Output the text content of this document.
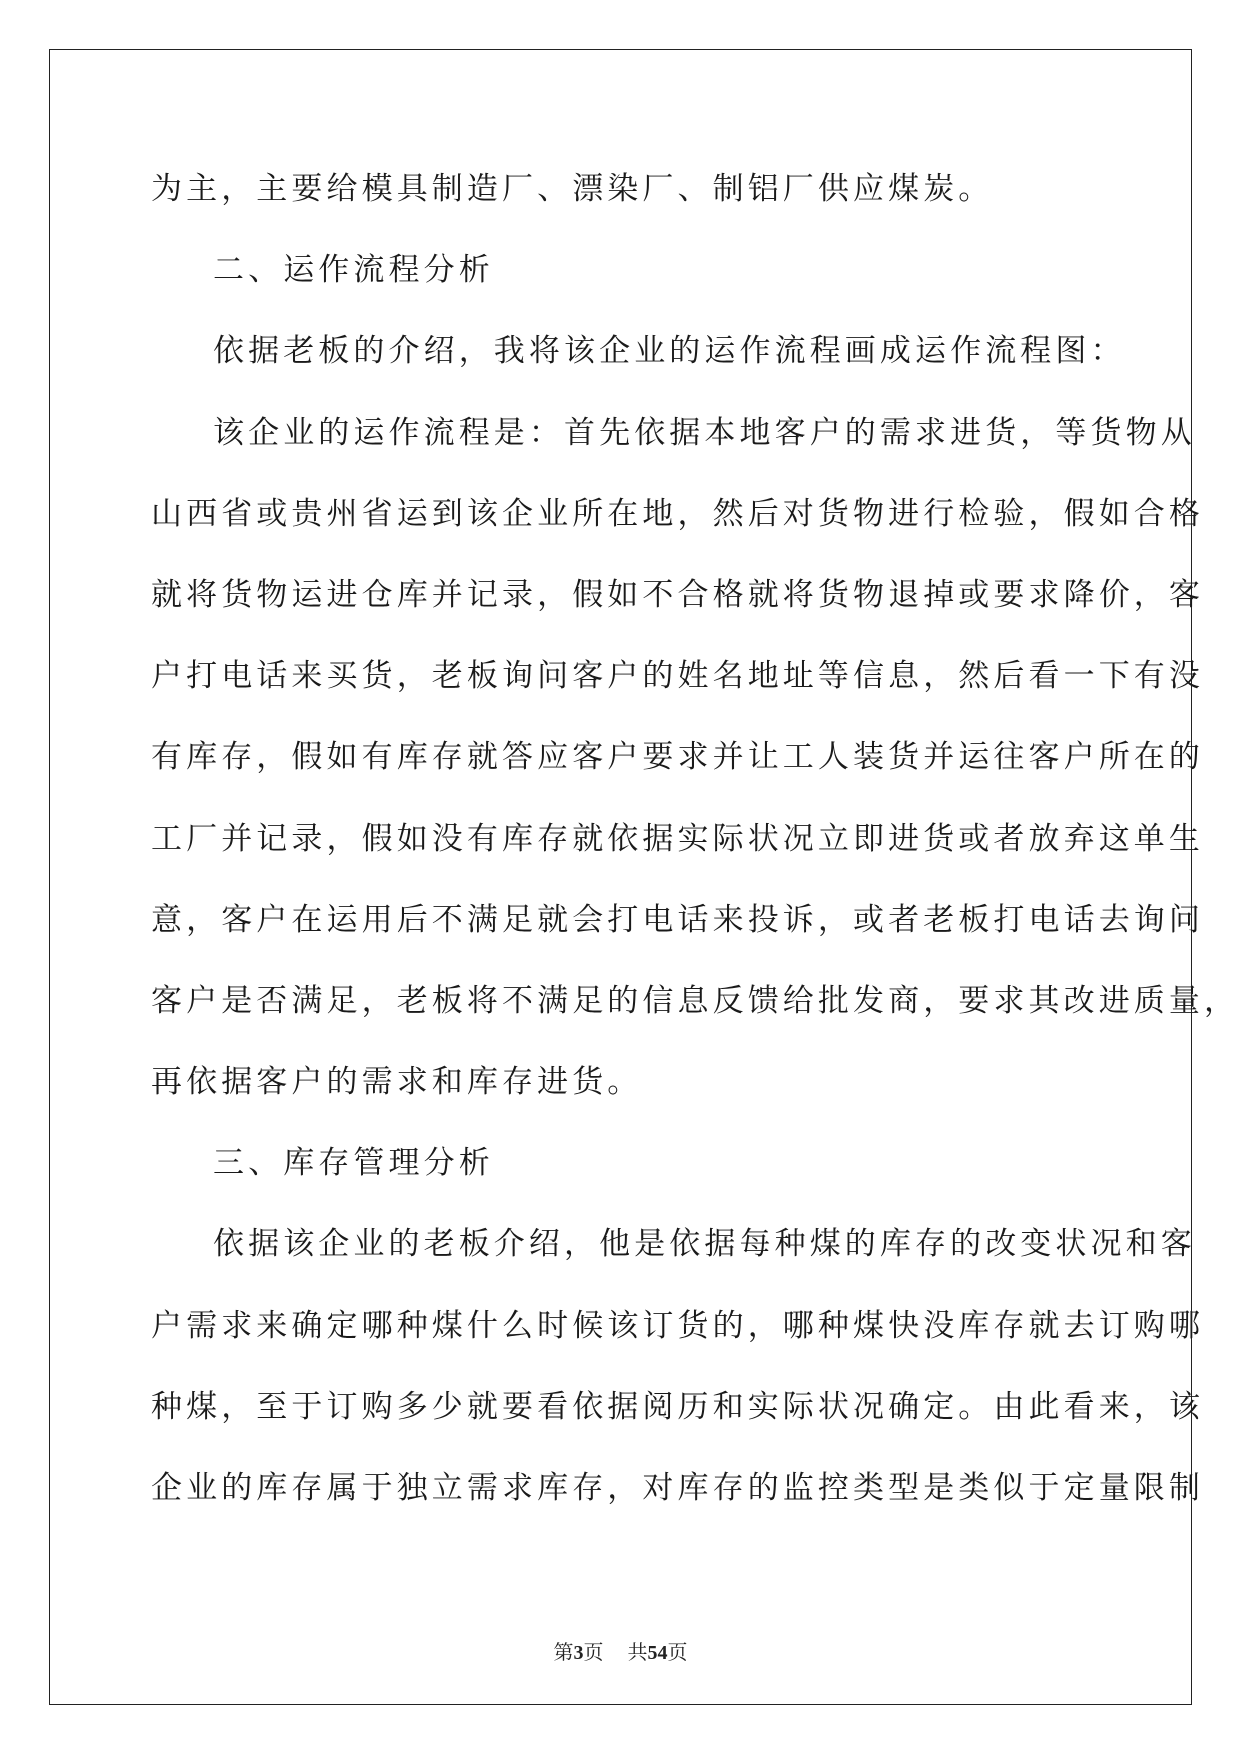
为主，主要给模具制造厂、漂染厂、制铝厂供应煤炭。
二、运作流程分析
依据老板的介绍，我将该企业的运作流程画成运作流程图：
该企业的运作流程是：首先依据本地客户的需求进货，等货物从
山西省或贵州省运到该企业所在地，然后对货物进行检验，假如合格
就将货物运进仓库并记录，假如不合格就将货物退掉或要求降价，客
户打电话来买货，老板询问客户的姓名地址等信息，然后看一下有没
有库存，假如有库存就答应客户要求并让工人装货并运往客户所在的
工厂并记录，假如没有库存就依据实际状况立即进货或者放弃这单生
意，客户在运用后不满足就会打电话来投诉，或者老板打电话去询问
客户是否满足，老板将不满足的信息反馈给批发商，要求其改进质量，
再依据客户的需求和库存进货。
三、库存管理分析
依据该企业的老板介绍，他是依据每种煤的库存的改变状况和客
户需求来确定哪种煤什么时候该订货的，哪种煤快没库存就去订购哪
种煤，至于订购多少就要看依据阅历和实际状况确定。由此看来，该
企业的库存属于独立需求库存，对库存的监控类型是类似于定量限制
第3页 共54页
